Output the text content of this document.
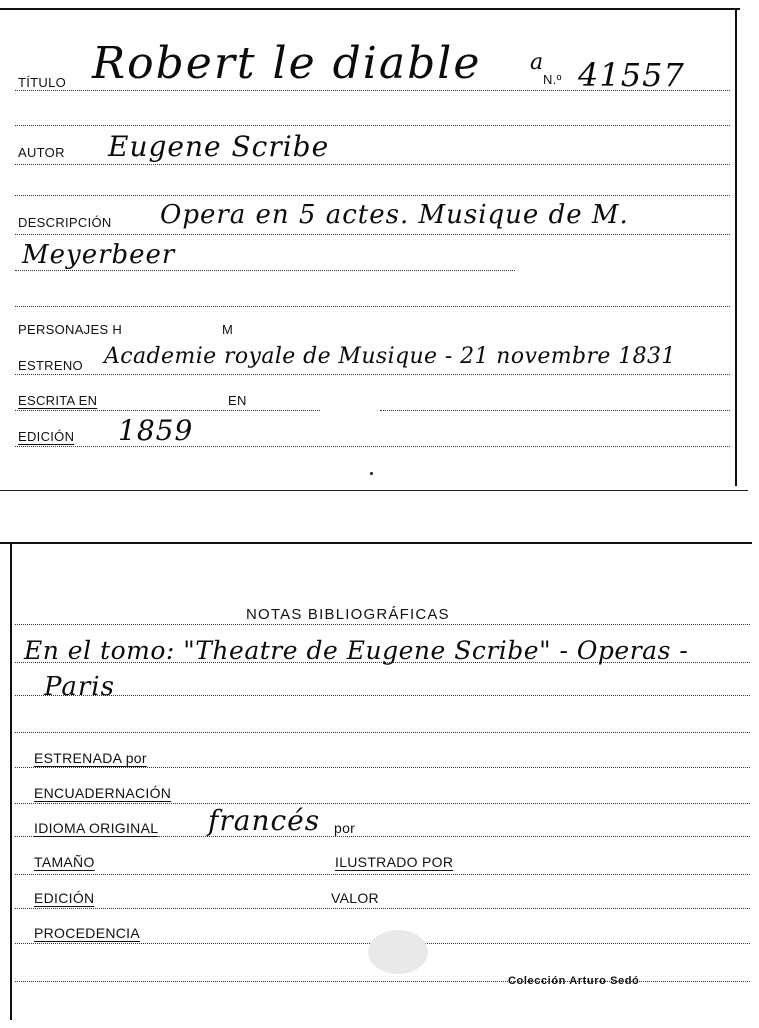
TÍTULO Robert le diable a
N.º 41557
AUTOR Eugene Scribe
DESCRIPCIÓN Opera en 5 actes. Musique de M.
Meyerbeer
PERSONAJES H	M
ESTRENO Academie royale de Musique - 21 novembre 1831
ESCRITA EN	EN
EDICIÓN 1859
NOTAS BIBLIOGRÁFICAS
En el tomo: "Theatre de Eugene Scribe" - Operas -
Paris
ESTRENADA por
ENCUADERNACIÓN
IDIOMA ORIGINAL francés por
TAMAÑO	ILUSTRADO POR
EDICIÓN	VALOR
PROCEDENCIA
Colección Arturo Sedó
